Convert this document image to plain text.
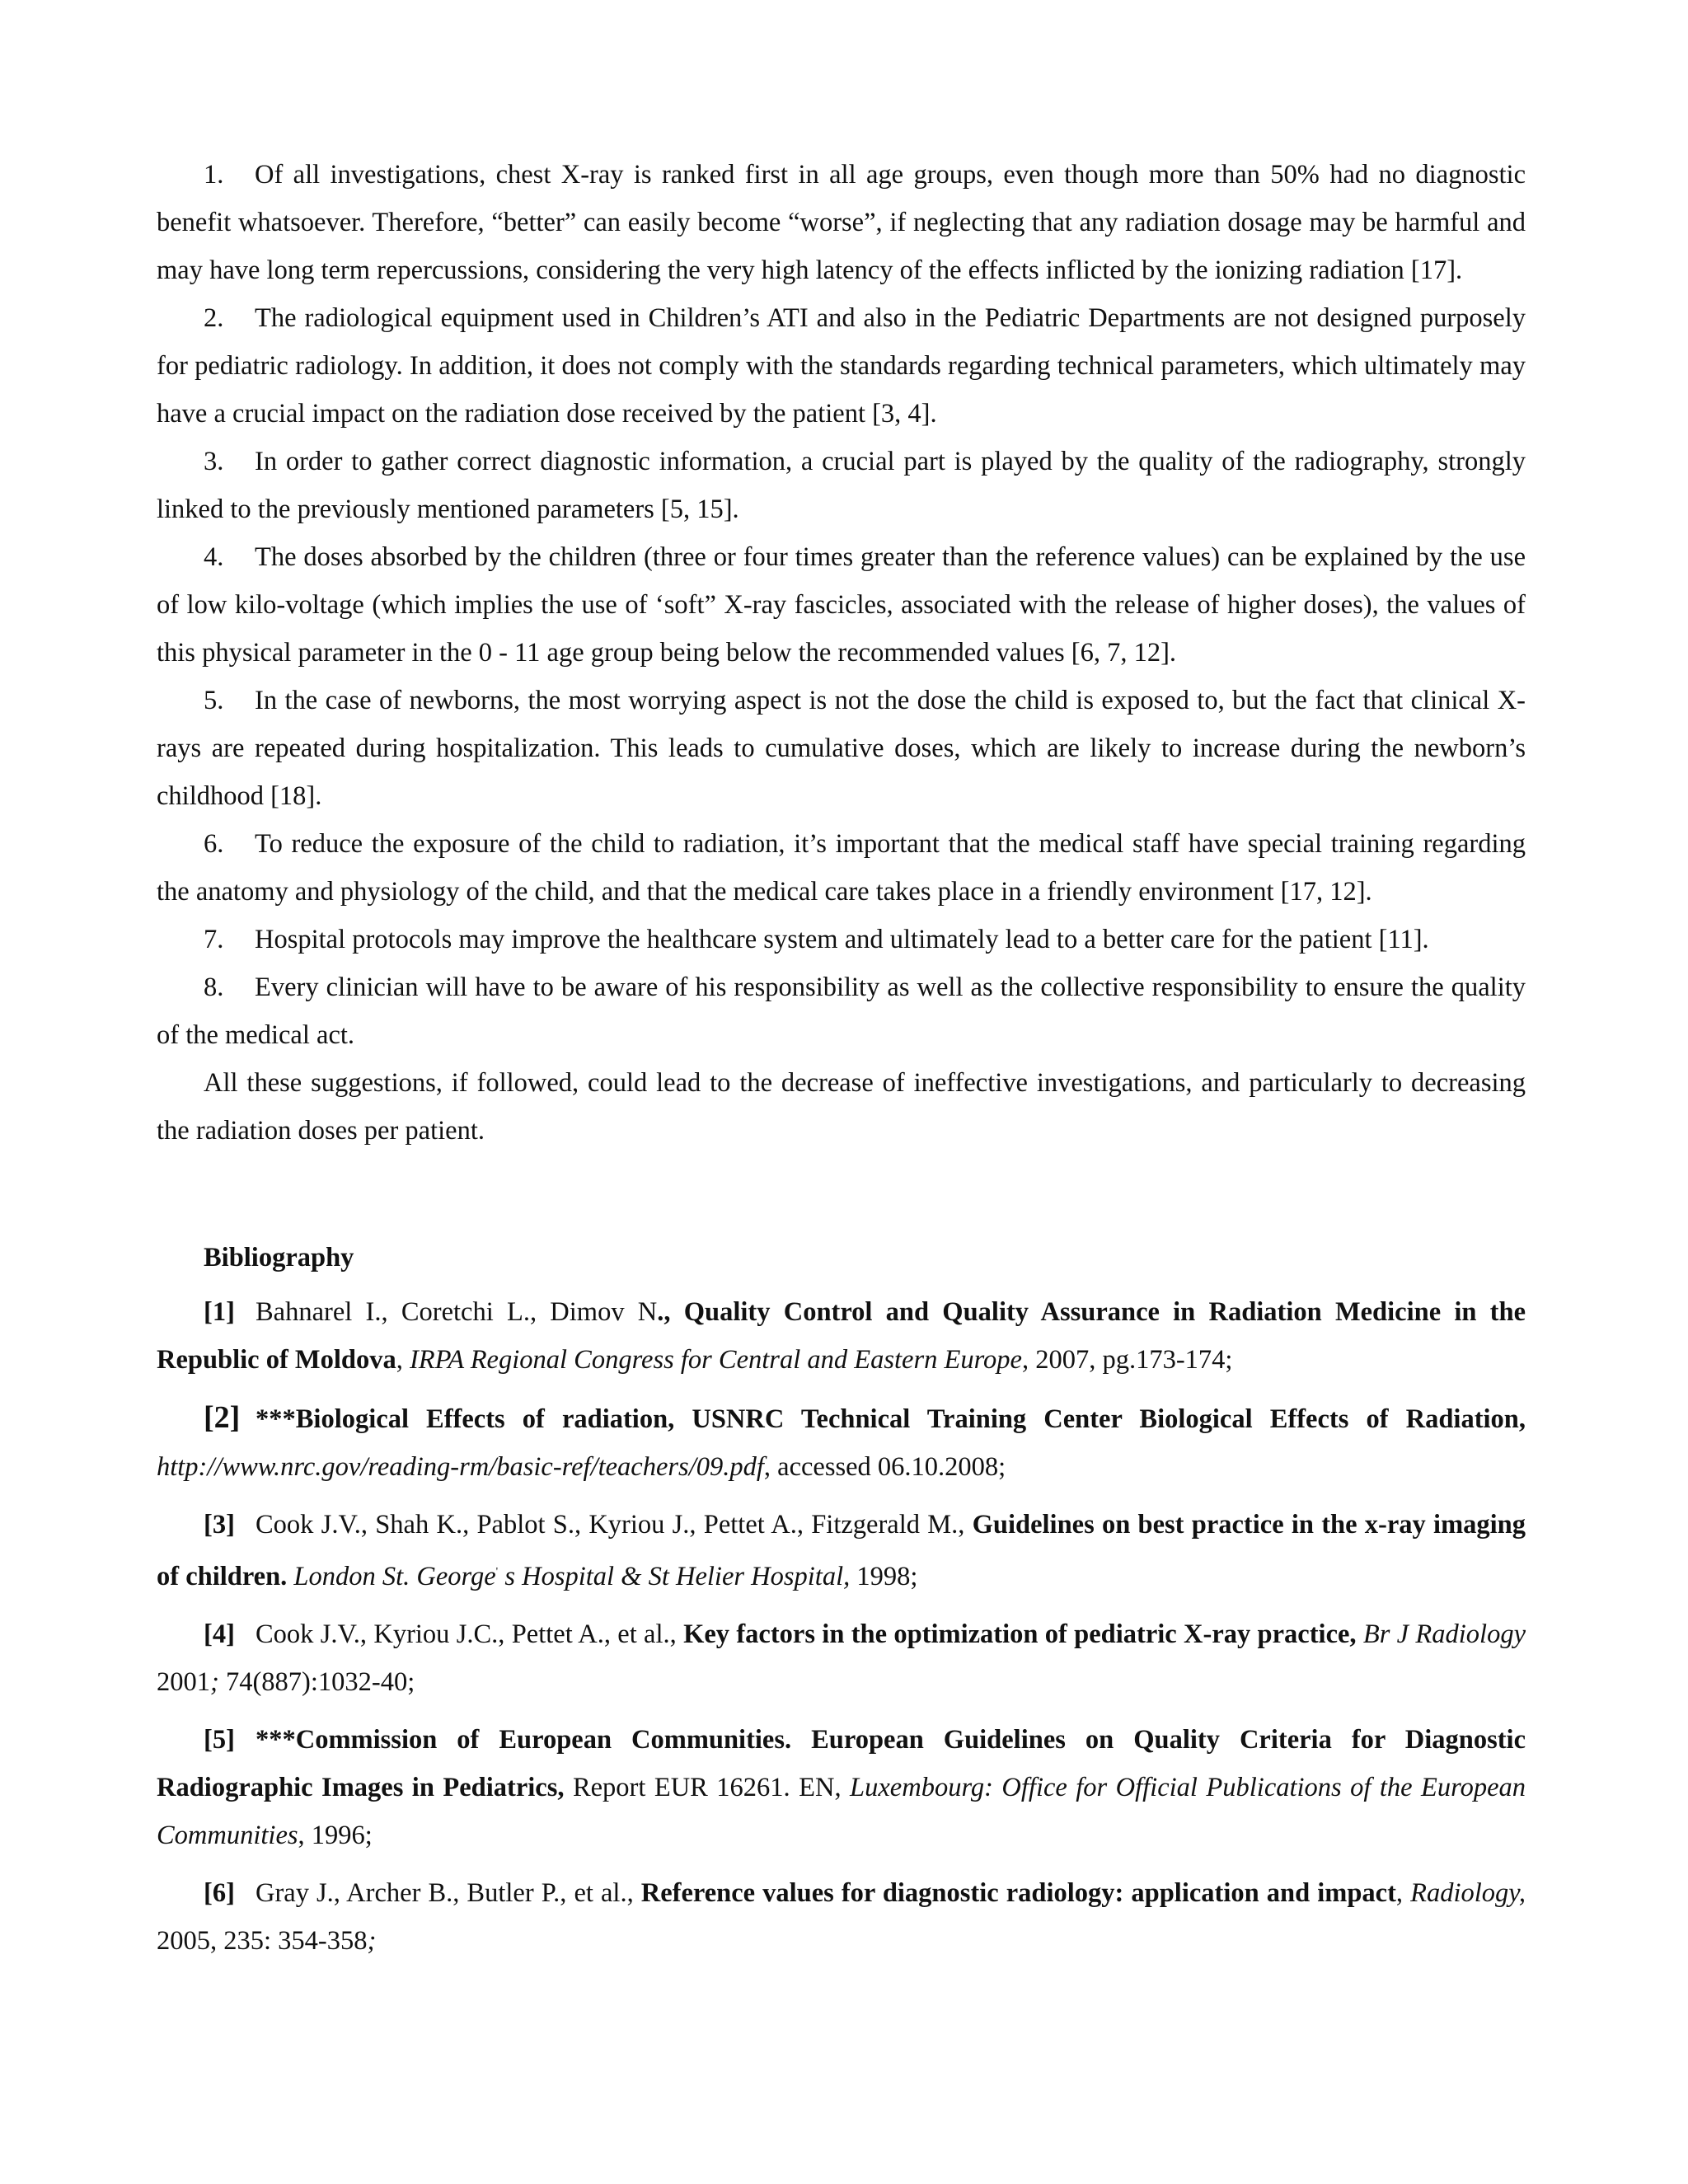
1. Of all investigations, chest X-ray is ranked first in all age groups, even though more than 50% had no diagnostic benefit whatsoever. Therefore, “better” can easily become “worse”, if neglecting that any radiation dosage may be harmful and may have long term repercussions, considering the very high latency of the effects inflicted by the ionizing radiation [17].

2. The radiological equipment used in Children’s ATI and also in the Pediatric Departments are not designed purposely for pediatric radiology. In addition, it does not comply with the standards regarding technical parameters, which ultimately may have a crucial impact on the radiation dose received by the patient [3, 4].

3. In order to gather correct diagnostic information, a crucial part is played by the quality of the radiography, strongly linked to the previously mentioned parameters [5, 15].

4. The doses absorbed by the children (three or four times greater than the reference values) can be explained by the use of low kilo-voltage (which implies the use of ‘soft” X-ray fascicles, associated with the release of higher doses), the values of this physical parameter in the 0 - 11 age group being below the recommended values [6, 7, 12].

5. In the case of newborns, the most worrying aspect is not the dose the child is exposed to, but the fact that clinical X-rays are repeated during hospitalization. This leads to cumulative doses, which are likely to increase during the newborn’s childhood [18].

6. To reduce the exposure of the child to radiation, it’s important that the medical staff have special training regarding the anatomy and physiology of the child, and that the medical care takes place in a friendly environment [17, 12].

7. Hospital protocols may improve the healthcare system and ultimately lead to a better care for the patient [11].

8. Every clinician will have to be aware of his responsibility as well as the collective responsibility to ensure the quality of the medical act.

All these suggestions, if followed, could lead to the decrease of ineffective investigations, and particularly to decreasing the radiation doses per patient.

Bibliography

[1] Bahnarel I., Coretchi L., Dimov N., Quality Control and Quality Assurance in Radiation Medicine in the Republic of Moldova, IRPA Regional Congress for Central and Eastern Europe, 2007, pg.173-174;

[2] ***Biological Effects of radiation, USNRC Technical Training Center Biological Effects of Radiation, http://www.nrc.gov/reading-rm/basic-ref/teachers/09.pdf, accessed 06.10.2008;

[3] Cook J.V., Shah K., Pablot S., Kyriou J., Pettet A., Fitzgerald M., Guidelines on best practice in the x-ray imaging of children. London St. George' s Hospital & St Helier Hospital, 1998;

[4] Cook J.V., Kyriou J.C., Pettet A., et al., Key factors in the optimization of pediatric X-ray practice, Br J Radiology 2001; 74(887):1032-40;

[5] ***Commission of European Communities. European Guidelines on Quality Criteria for Diagnostic Radiographic Images in Pediatrics, Report EUR 16261. EN, Luxembourg: Office for Official Publications of the European Communities, 1996;

[6] Gray J., Archer B., Butler P., et al., Reference values for diagnostic radiology: application and impact, Radiology, 2005, 235: 354-358;
